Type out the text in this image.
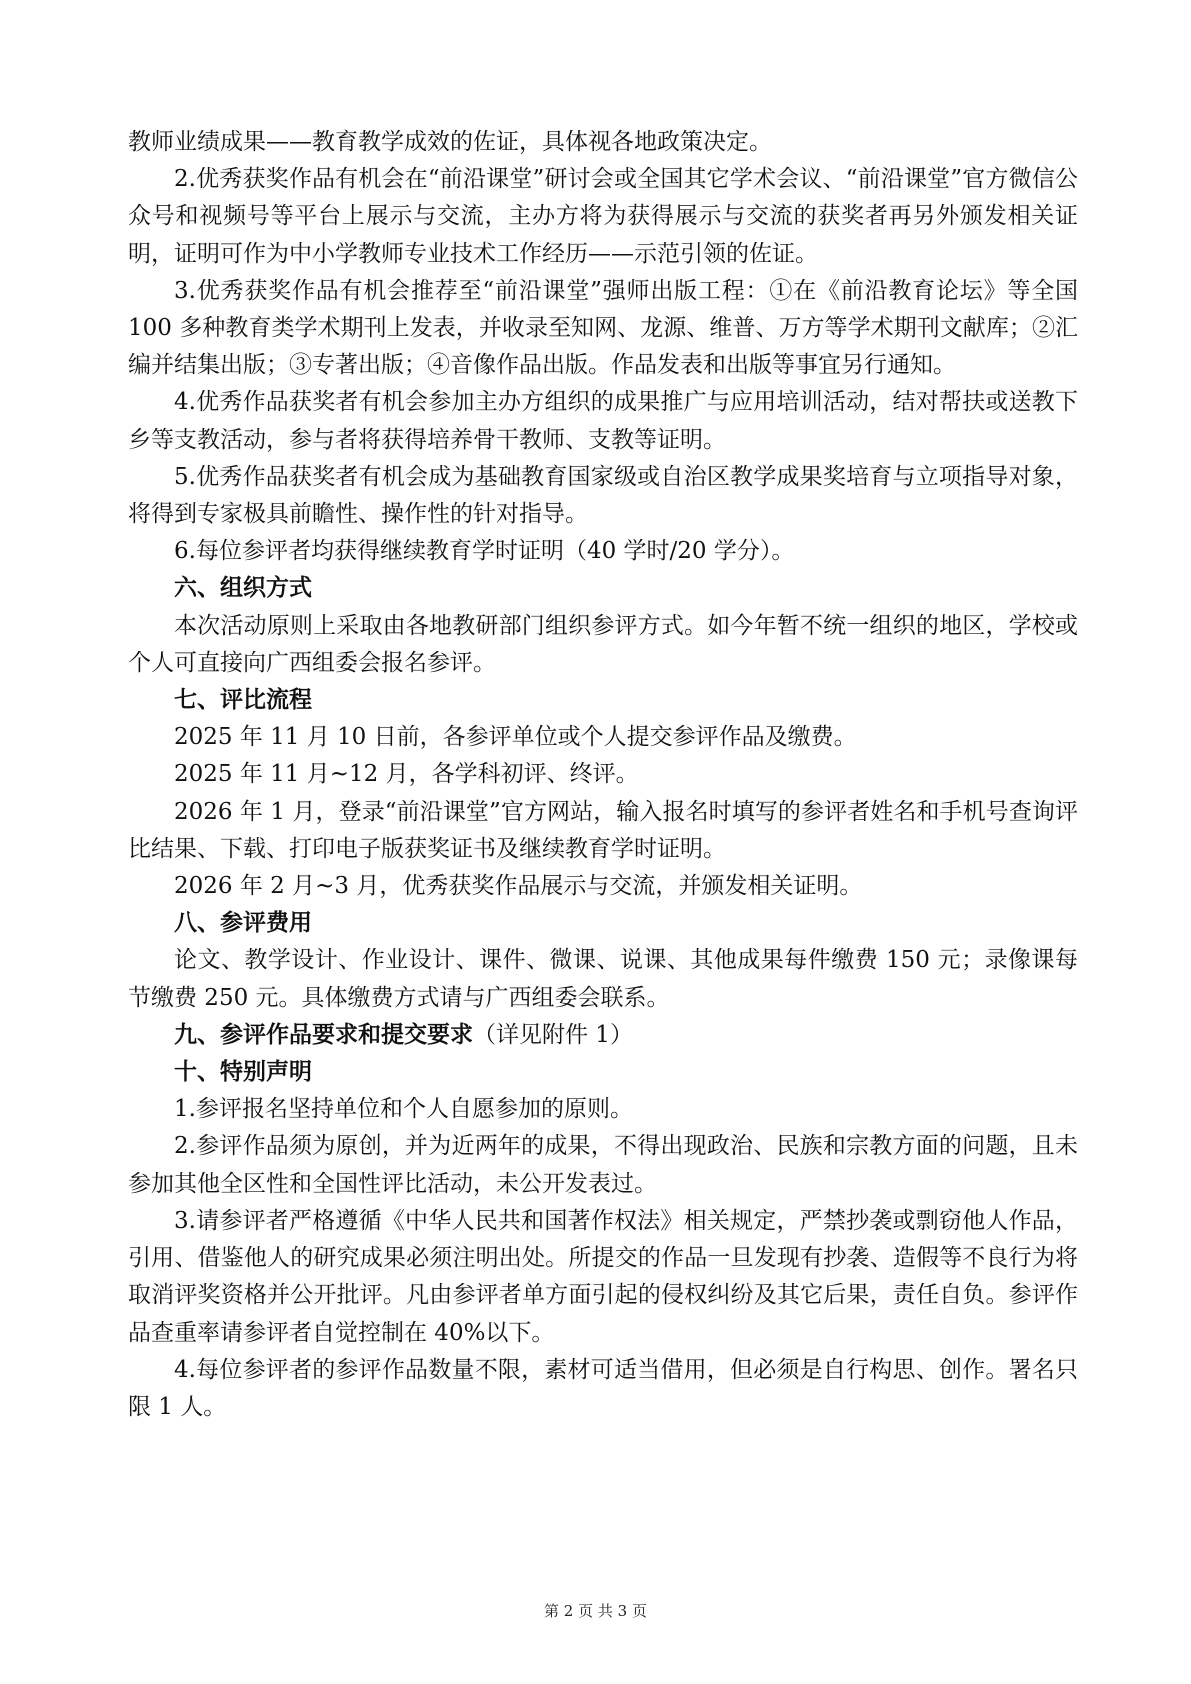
教师业绩成果——教育教学成效的佐证，具体视各地政策决定。

2.优秀获奖作品有机会在“前沿课堂”研讨会或全国其它学术会议、“前沿课堂”官方微信公众号和视频号等平台上展示与交流，主办方将为获得展示与交流的获奖者再另外颁发相关证明，证明可作为中小学教师专业技术工作经历——示范引领的佐证。

3.优秀获奖作品有机会推荐至“前沿课堂”强师出版工程：①在《前沿教育论坛》等全国 100 多种教育类学术期刊上发表，并收录至知网、龙源、维普、万方等学术期刊文献库；②汇编并结集出版；③专著出版；④音像作品出版。作品发表和出版等事宜另行通知。

4.优秀作品获奖者有机会参加主办方组织的成果推广与应用培训活动，结对帮扶或送教下乡等支教活动，参与者将获得培养骨干教师、支教等证明。

5.优秀作品获奖者有机会成为基础教育国家级或自治区教学成果奖培育与立项指导对象，将得到专家极具前瞻性、操作性的针对指导。

6.每位参评者均获得继续教育学时证明（40 学时/20 学分）。

六、组织方式

本次活动原则上采取由各地教研部门组织参评方式。如今年暂不统一组织的地区，学校或个人可直接向广西组委会报名参评。

七、评比流程

2025 年 11 月 10 日前，各参评单位或个人提交参评作品及缴费。

2025 年 11 月~12 月，各学科初评、终评。

2026 年 1 月，登录“前沿课堂”官方网站，输入报名时填写的参评者姓名和手机号查询评比结果、下载、打印电子版获奖证书及继续教育学时证明。

2026 年 2 月~3 月，优秀获奖作品展示与交流，并颁发相关证明。

八、参评费用

论文、教学设计、作业设计、课件、微课、说课、其他成果每件缴费 150 元；录像课每节缴费 250 元。具体缴费方式请与广西组委会联系。

九、参评作品要求和提交要求（详见附件 1）

十、特别声明

1.参评报名坚持单位和个人自愿参加的原则。

2.参评作品须为原创，并为近两年的成果，不得出现政治、民族和宗教方面的问题，且未参加其他全区性和全国性评比活动，未公开发表过。

3.请参评者严格遵循《中华人民共和国著作权法》相关规定，严禁抄袭或剽窃他人作品，引用、借鉴他人的研究成果必须注明出处。所提交的作品一旦发现有抄袭、造假等不良行为将取消评奖资格并公开批评。凡由参评者单方面引起的侵权纠纷及其它后果，责任自负。参评作品查重率请参评者自觉控制在 40%以下。

4.每位参评者的参评作品数量不限，素材可适当借用，但必须是自行构思、创作。署名只限 1 人。

第 2 页 共 3 页
